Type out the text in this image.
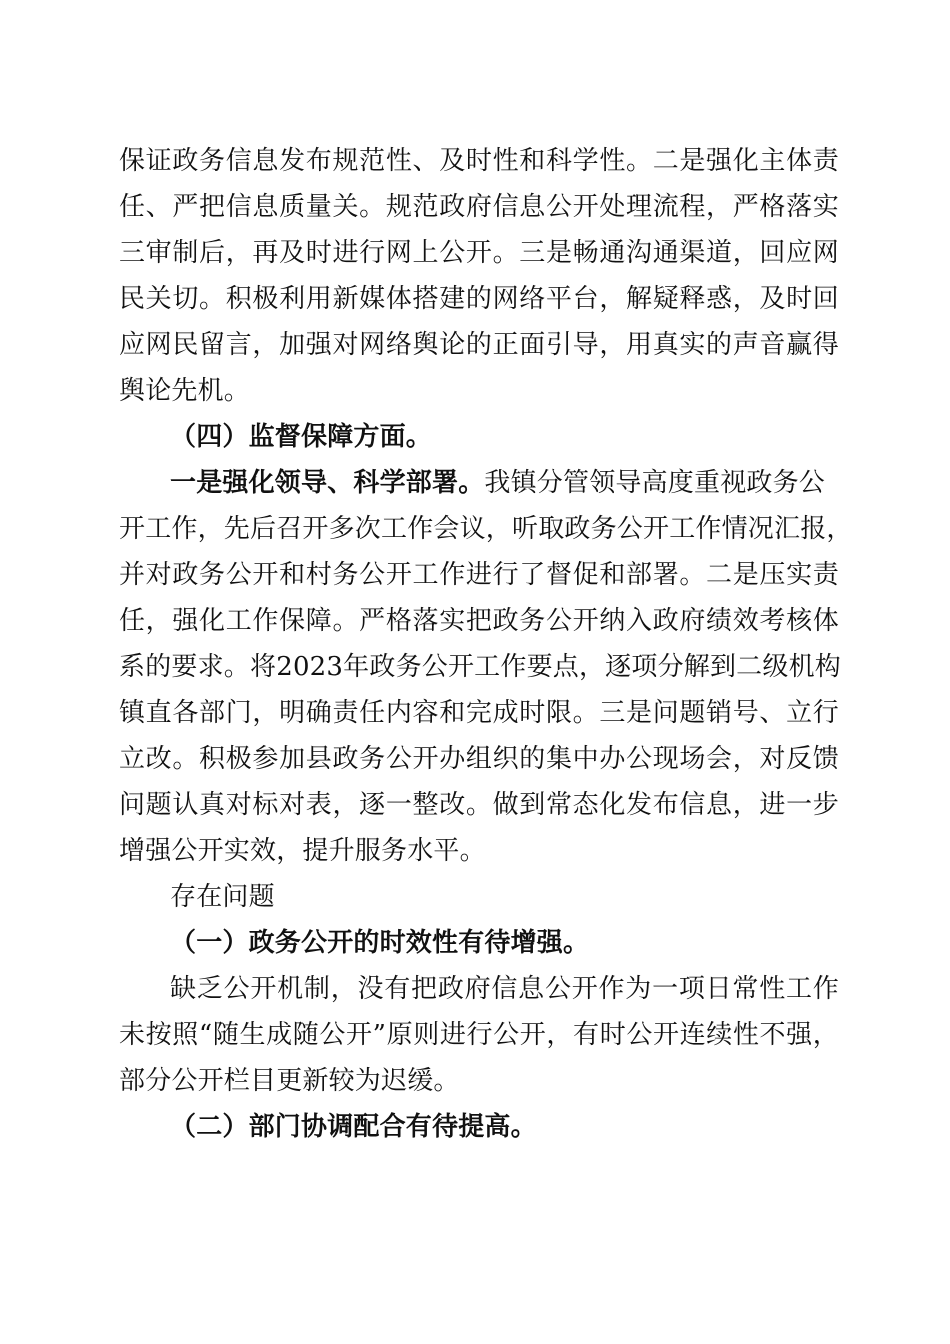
保证政务信息发布规范性、及时性和科学性。二是强化主体责
任、严把信息质量关。规范政府信息公开处理流程，严格落实
三审制后，再及时进行网上公开。三是畅通沟通渠道，回应网
民关切。积极利用新媒体搭建的网络平台，解疑释惑，及时回
应网民留言，加强对网络舆论的正面引导，用真实的声音赢得
舆论先机。
（四）监督保障方面。
一是强化领导、科学部署。我镇分管领导高度重视政务公
开工作，先后召开多次工作会议，听取政务公开工作情况汇报，
并对政务公开和村务公开工作进行了督促和部署。二是压实责
任，强化工作保障。严格落实把政务公开纳入政府绩效考核体
系的要求。将2023年政务公开工作要点，逐项分解到二级机构
镇直各部门，明确责任内容和完成时限。三是问题销号、立行
立改。积极参加县政务公开办组织的集中办公现场会，对反馈
问题认真对标对表，逐一整改。做到常态化发布信息，进一步
增强公开实效，提升服务水平。
存在问题
（一）政务公开的时效性有待增强。
缺乏公开机制，没有把政府信息公开作为一项日常性工作
未按照“随生成随公开”原则进行公开，有时公开连续性不强，
部分公开栏目更新较为迟缓。
（二）部门协调配合有待提高。
